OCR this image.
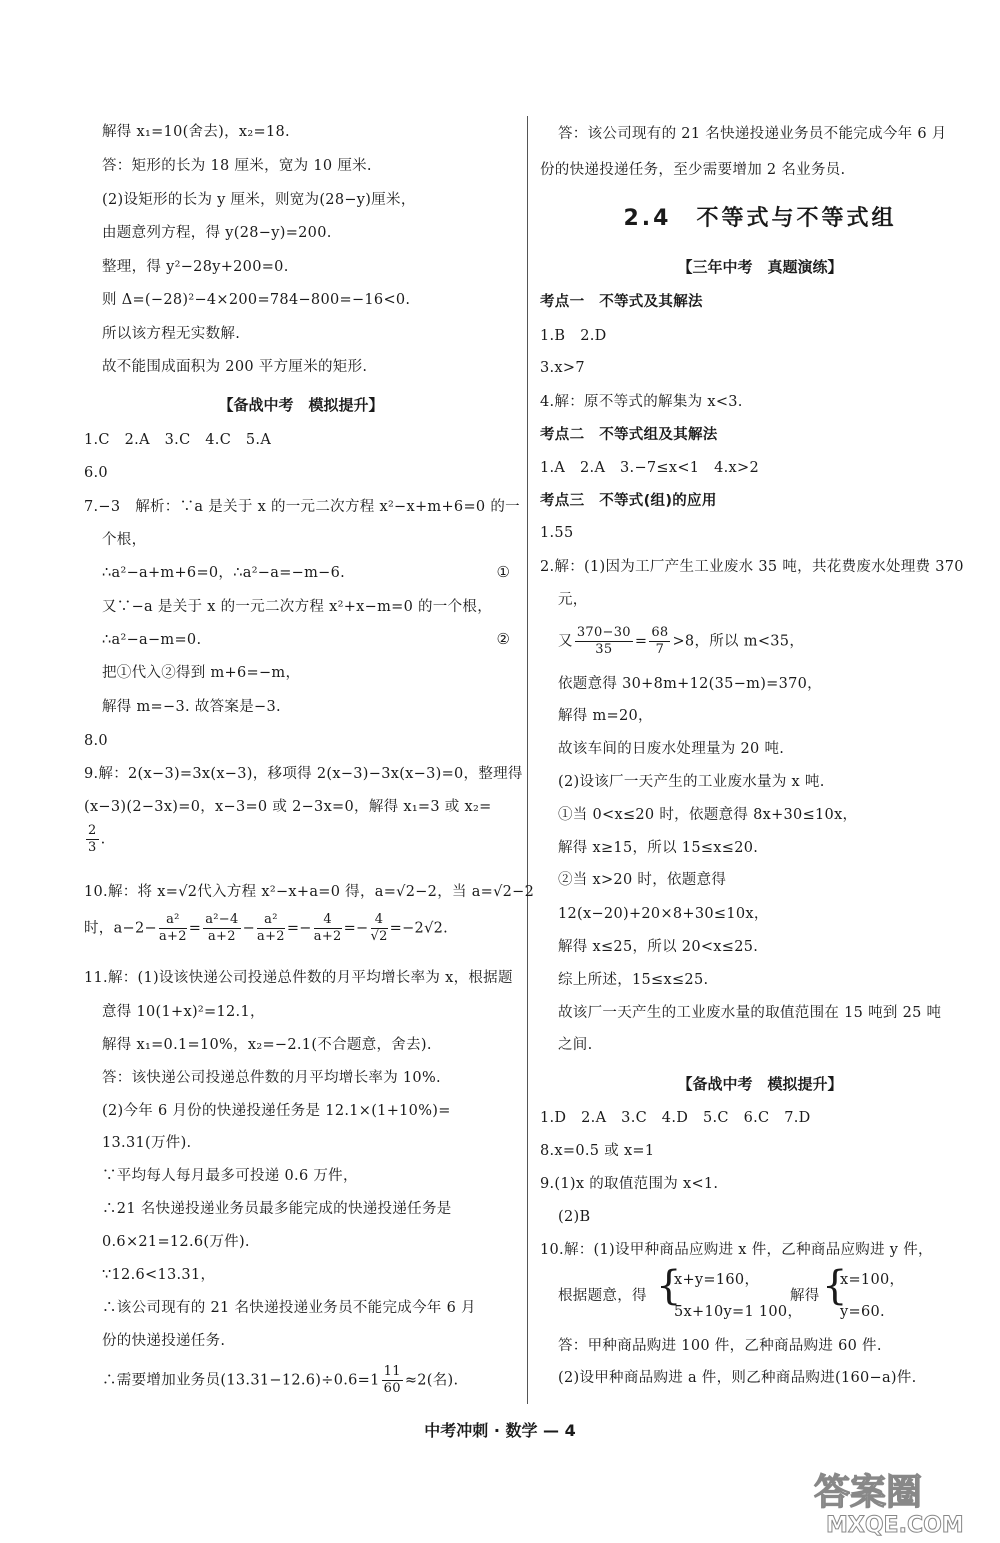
解得 x₁=10(舍去)，x₂=18.
答：矩形的长为 18 厘米，宽为 10 厘米.
(2)设矩形的长为 y 厘米，则宽为(28−y)厘米，
由题意列方程，得 y(28−y)=200.
整理，得 y²−28y+200=0.
则 Δ=(−28)²−4×200=784−800=−16<0.
所以该方程无实数解.
故不能围成面积为 200 平方厘米的矩形.
【备战中考　模拟提升】
1.C　2.A　3.C　4.C　5.A
6.0
7.−3　解析：∵a 是关于 x 的一元二次方程 x²−x+m+6=0 的一
个根，
∴a²−a+m+6=0，∴a²−a=−m−6.	①
又∵−a 是关于 x 的一元二次方程 x²+x−m=0 的一个根，
∴a²−a−m=0.	②
把①代入②得到 m+6=−m，
解得 m=−3. 故答案是−3.
8.0
9.解：2(x−3)=3x(x−3)，移项得 2(x−3)−3x(x−3)=0，整理得
(x−3)(2−3x)=0，x−3=0 或 2−3x=0，解得 x₁=3 或 x₂=
$\frac{2}{3}$ .
10.解：将 x=√2代入方程 x²−x+a=0 得，a=√2−2，当 a=√2−2
时，$a-2- \frac{\text{a²}}{a+2} = \frac{\text{a²−4}}{a+2} - \frac{\text{a²}}{a+2} =- \frac{4}{a+2} =- \frac{4}{√2} =-2√2$.
11.解：(1)设该快递公司投递总件数的月平均增长率为 x，根据题
意得 10(1+x)²=12.1，
解得 x₁=0.1=10%，x₂=−2.1(不合题意，舍去).
答：该快递公司投递总件数的月平均增长率为 10%.
(2)今年 6 月份的快递投递任务是 12.1×(1+10%)=
13.31(万件).
∵平均每人每月最多可投递 0.6 万件，
∴21 名快递投递业务员最多能完成的快递投递任务是
0.6×21=12.6(万件).
∵12.6<13.31，
∴该公司现有的 21 名快递投递业务员不能完成今年 6 月
份的快递投递任务.
∴需要增加业务员$(13.31-12.6)\div 0.6=1 \frac{11}{60} \approx 2$(名).
答：该公司现有的 21 名快递投递业务员不能完成今年 6 月
份的快递投递任务，至少需要增加 2 名业务员.
2.4　不等式与不等式组
【三年中考　真题演练】
考点一　不等式及其解法
1.B　2.D
3.x>7
4.解：原不等式的解集为 x<3.
考点二　不等式组及其解法
1.A　2.A　3.−7≤x<1　4.x>2
考点三　不等式(组)的应用
1.55
2.解：(1)因为工厂产生工业废水 35 吨，共花费废水处理费 370
元，
又 $\frac{370-30}{35} = \frac{68}{7} >8$，所以 m<35，
依题意得 30+8m+12(35−m)=370，
解得 m=20，
故该车间的日废水处理量为 20 吨.
(2)设该厂一天产生的工业废水量为 x 吨.
①当 0<x≤20 时，依题意得 8x+30≤10x，
解得 x≥15，所以 15≤x≤20.
②当 x>20 时，依题意得
12(x−20)+20×8+30≤10x，
解得 x≤25，所以 20<x≤25.
综上所述，15≤x≤25.
故该厂一天产生的工业废水量的取值范围在 15 吨到 25 吨
之间.
【备战中考　模拟提升】
1.D　2.A　3.C　4.D　5.C　6.C　7.D
8.x=0.5 或 x=1
9.(1)x 的取值范围为 x<1.
(2)B
10.解：(1)设甲种商品应购进 x 件，乙种商品应购进 y 件，
根据题意，得 {
x+y=160，
5x+10y=1 100，
解得 {
x=100，
y=60.
答：甲种商品购进 100 件，乙种商品购进 60 件.
(2)设甲种商品购进 a 件，则乙种商品购进(160−a)件.
中考冲刺 · 数学 — 4
答案圈
MXQE.COM
